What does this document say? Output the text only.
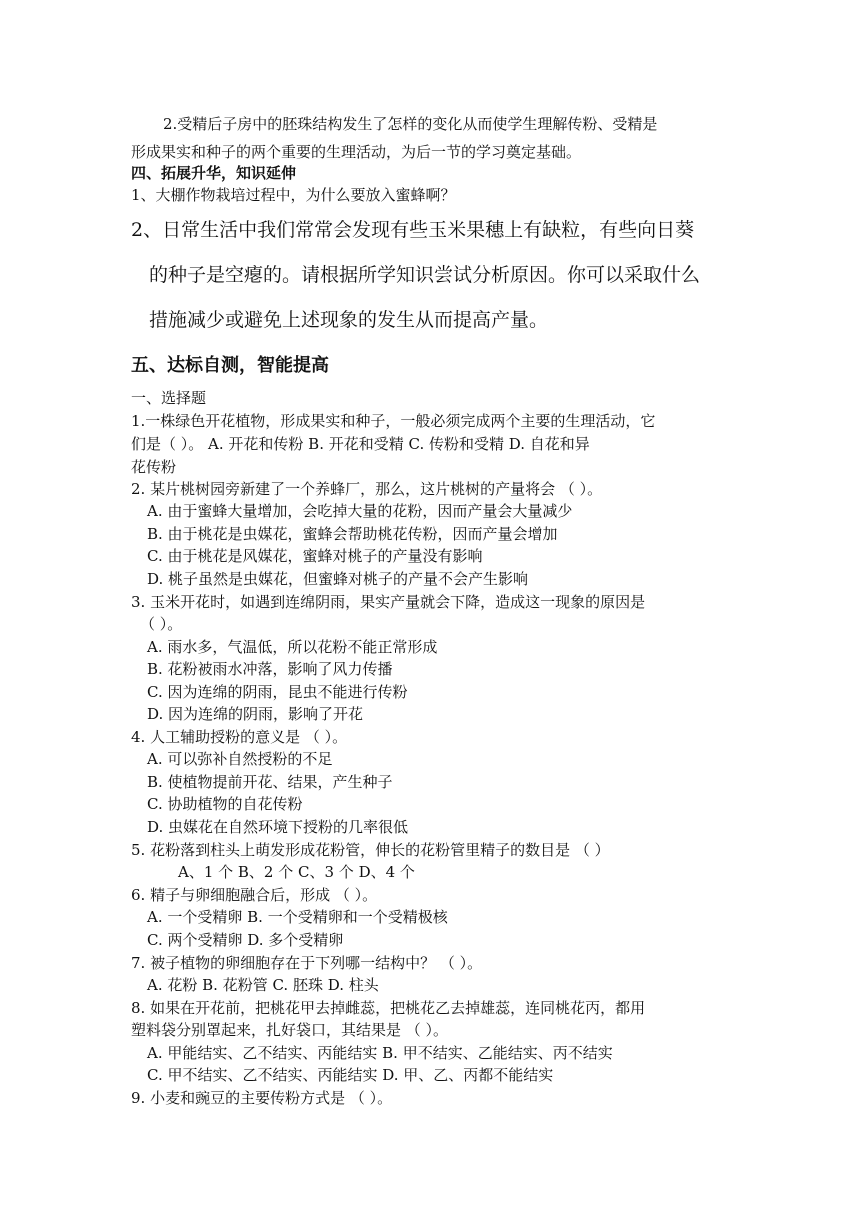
2.受精后子房中的胚珠结构发生了怎样的变化从而使学生理解传粉、受精是
形成果实和种子的两个重要的生理活动，为后一节的学习奠定基础。
四、拓展升华，知识延伸
1、大棚作物栽培过程中，为什么要放入蜜蜂啊？
2、日常生活中我们常常会发现有些玉米果穗上有缺粒，有些向日葵
的种子是空瘪的。请根据所学知识尝试分析原因。你可以采取什么
措施减少或避免上述现象的发生从而提高产量。
五、达标自测，智能提高
一、选择题
1.一株绿色开花植物，形成果实和种子，一般必须完成两个主要的生理活动，它
们是（ ）。 A. 开花和传粉 B. 开花和受精 C. 传粉和受精 D. 自花和异
花传粉
2. 某片桃树园旁新建了一个养蜂厂，那么，这片桃树的产量将会 （ ）。
A. 由于蜜蜂大量增加，会吃掉大量的花粉，因而产量会大量减少
B. 由于桃花是虫媒花，蜜蜂会帮助桃花传粉，因而产量会增加
C. 由于桃花是风媒花，蜜蜂对桃子的产量没有影响
D. 桃子虽然是虫媒花，但蜜蜂对桃子的产量不会产生影响
3. 玉米开花时，如遇到连绵阴雨，果实产量就会下降，造成这一现象的原因是
（ ）。
A. 雨水多，气温低，所以花粉不能正常形成
B. 花粉被雨水冲落，影响了风力传播
C. 因为连绵的阴雨，昆虫不能进行传粉
D. 因为连绵的阴雨，影响了开花
4. 人工辅助授粉的意义是 （ ）。
A. 可以弥补自然授粉的不足
B. 使植物提前开花、结果，产生种子
C. 协助植物的自花传粉
D. 虫媒花在自然环境下授粉的几率很低
5. 花粉落到柱头上萌发形成花粉管，伸长的花粉管里精子的数目是 （ ）
A、1 个 B、2 个 C、3 个 D、4 个
6. 精子与卵细胞融合后，形成 （ ）。
A. 一个受精卵 B. 一个受精卵和一个受精极核
C. 两个受精卵 D. 多个受精卵
7. 被子植物的卵细胞存在于下列哪一结构中？ （ ）。
A. 花粉 B. 花粉管 C. 胚珠 D. 柱头
8. 如果在开花前，把桃花甲去掉雌蕊，把桃花乙去掉雄蕊，连同桃花丙，都用
塑料袋分别罩起来，扎好袋口，其结果是 （ ）。
A. 甲能结实、乙不结实、丙能结实 B. 甲不结实、乙能结实、丙不结实
C. 甲不结实、乙不结实、丙能结实 D. 甲、乙、丙都不能结实
9. 小麦和豌豆的主要传粉方式是 （ ）。
